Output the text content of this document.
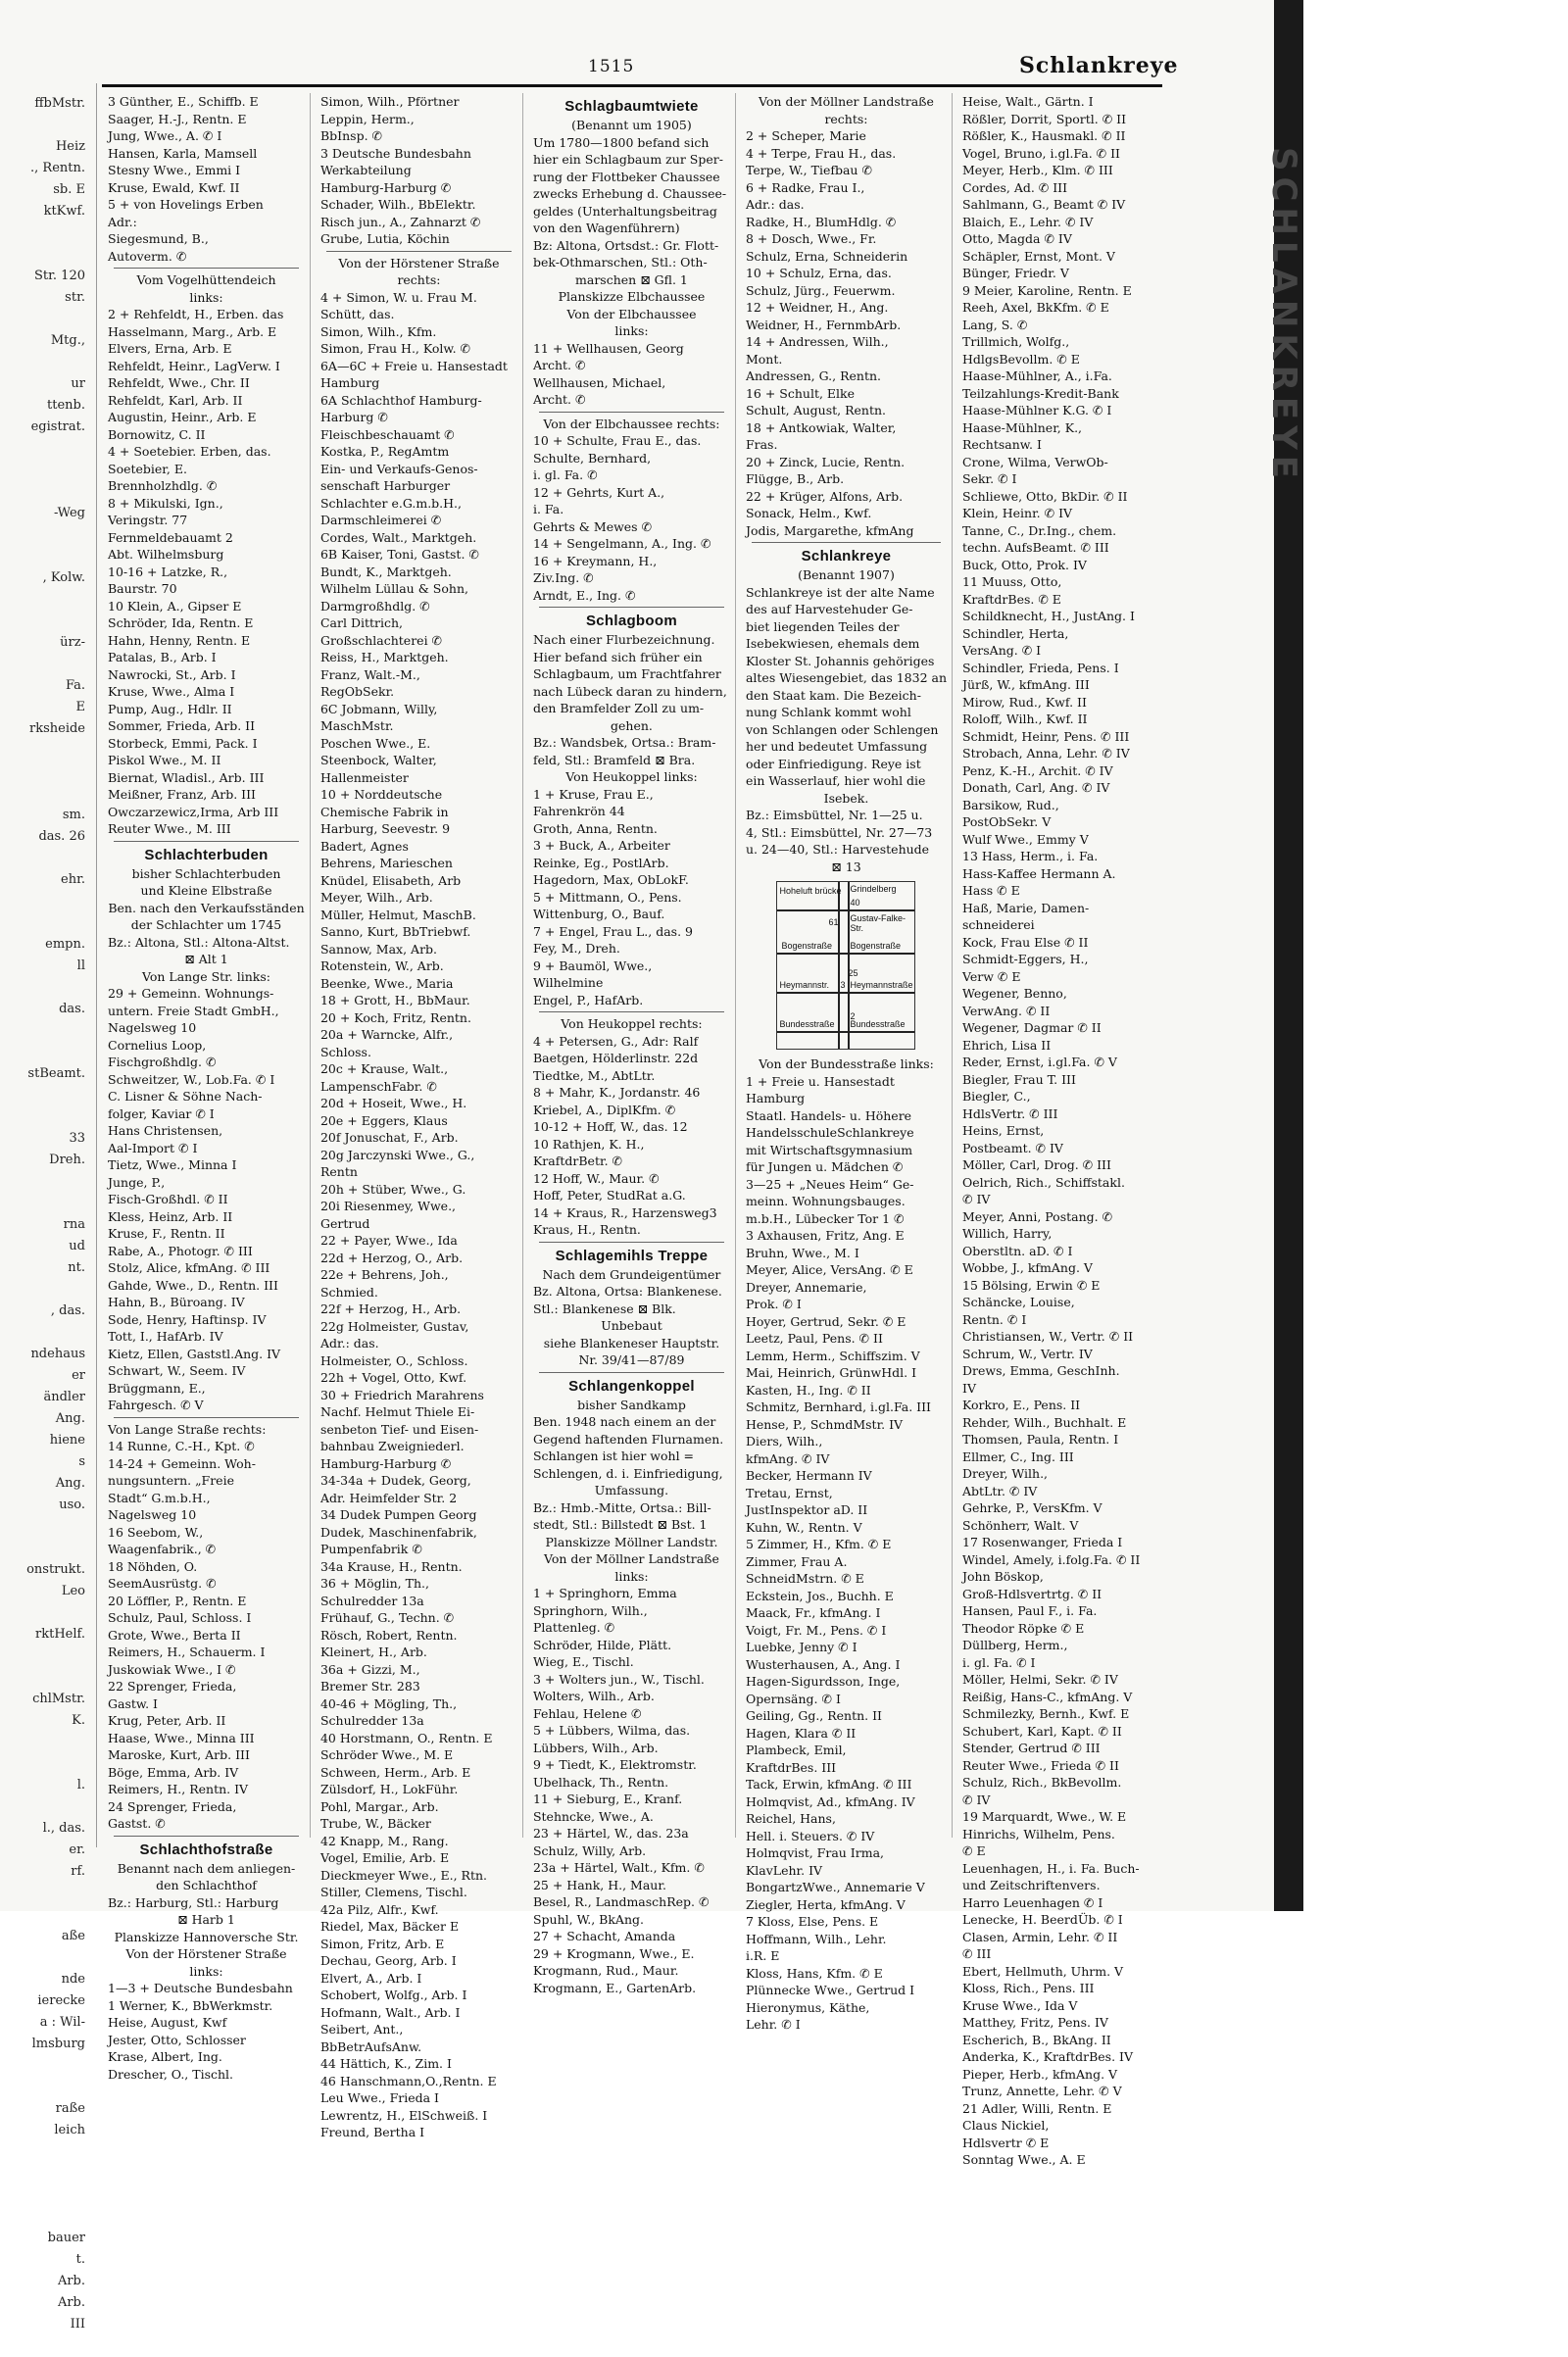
ffbMstr.

Heiz
., Rentn.
sb. E
ktKwf.

Str. 120
str.

Mtg.,

ur
ttenb.
egistrat.

-Weg

, Kolw.

ürz-

Fa.
E
rksheide

sm.
das. 26

ehr.

empn.
ll

das.

stBeamt.

33
Dreh.

rna
ud
nt.

, das.

ndehaus
er
ändler
Ang.
hiene
s
Ang.
uso.

onstrukt.
Leo

rktHelf.

chlMstr.
K.

l.

l., das.
er.
rf.

aße

nde
ierecke
a : Wil-
lmsburg

raße
leich

bauer
t.
Arb.
Arb.
III

1515	Schlankreye
3 Günther, E., Schiffb. E
Saager, H.-J., Rentn. E
Jung, Wwe., A. ✆ I
Hansen, Karla, Mamsell
Stesny Wwe., Emmi I
Kruse, Ewald, Kwf. II
5 + von Hovelings Erben
Adr.:
Siegesmund, B.,
Autoverm. ✆
Vom Vogelhüttendeich
links:
2 + Rehfeldt, H., Erben. das
Hasselmann, Marg., Arb. E
Elvers, Erna, Arb. E
Rehfeldt, Heinr., LagVerw. I
Rehfeldt, Wwe., Chr. II
Rehfeldt, Karl, Arb. II
Augustin, Heinr., Arb. E
Bornowitz, C. II
4 + Soetebier. Erben, das.
Soetebier, E.
Brennholzhdlg. ✆
8 + Mikulski, Ign.,
Veringstr. 77
Fernmeldebauamt 2
Abt. Wilhelmsburg
10-16 + Latzke, R.,
Baurstr. 70
10 Klein, A., Gipser E
Schröder, Ida, Rentn. E
Hahn, Henny, Rentn. E
Patalas, B., Arb. I
Nawrocki, St., Arb. I
Kruse, Wwe., Alma I
Pump, Aug., Hdlr. II
Sommer, Frieda, Arb. II
Storbeck, Emmi, Pack. I
Piskol Wwe., M. II
Biernat, Wladisl., Arb. III
Meißner, Franz, Arb. III
Owczarzewicz,Irma, Arb III
Reuter Wwe., M. III
Schlachterbuden
bisher Schlachterbuden
und Kleine Elbstraße
Ben. nach den Verkaufsständen
der Schlachter um 1745
Bz.: Altona, Stl.: Altona-Altst.
⊠ Alt 1
Von Lange Str. links:
29 + Gemeinn. Wohnungs-
untern. Freie Stadt GmbH.,
Nagelsweg 10
Cornelius Loop,
Fischgroßhdlg. ✆
Schweitzer, W., Lob.Fa. ✆ I
C. Lisner & Söhne Nach-
folger, Kaviar ✆ I
Hans Christensen,
Aal-Import ✆ I
Tietz, Wwe., Minna I
Junge, P.,
Fisch-Großhdl. ✆ II
Kless, Heinz, Arb. II
Kruse, F., Rentn. II
Rabe, A., Photogr. ✆ III
Stolz, Alice, kfmAng. ✆ III
Gahde, Wwe., D., Rentn. III
Hahn, B., Büroang. IV
Sode, Henry, Haftinsp. IV
Tott, I., HafArb. IV
Kietz, Ellen, Gaststl.Ang. IV
Schwart, W., Seem. IV
Brüggmann, E.,
Fahrgesch. ✆ V
Von Lange Straße rechts:
14 Runne, C.-H., Kpt. ✆
14-24 + Gemeinn. Woh-
nungsuntern. „Freie
Stadt“ G.m.b.H.,
Nagelsweg 10
16 Seebom, W.,
Waagenfabrik., ✆
18 Nöhden, O.
SeemAusrüstg. ✆
20 Löffler, P., Rentn. E
Schulz, Paul, Schloss. I
Grote, Wwe., Berta II
Reimers, H., Schauerm. I
Juskowiak Wwe., I ✆
22 Sprenger, Frieda,
Gastw. I
Krug, Peter, Arb. II
Haase, Wwe., Minna III
Maroske, Kurt, Arb. III
Böge, Emma, Arb. IV
Reimers, H., Rentn. IV
24 Sprenger, Frieda,
Gastst. ✆
Schlachthofstraße
Benannt nach dem anliegen-
den Schlachthof
Bz.: Harburg, Stl.: Harburg
⊠ Harb 1
Planskizze Hannoversche Str.
Von der Hörstener Straße
links:
1—3 + Deutsche Bundesbahn
1 Werner, K., BbWerkmstr.
Heise, August, Kwf
Jester, Otto, Schlosser
Krase, Albert, Ing.
Drescher, O., Tischl.
Simon, Wilh., Pförtner
Leppin, Herm.,
BbInsp. ✆
3 Deutsche Bundesbahn
Werkabteilung
Hamburg-Harburg ✆
Schader, Wilh., BbElektr.
Risch jun., A., Zahnarzt ✆
Grube, Lutia, Köchin
Von der Hörstener Straße
rechts:
4 + Simon, W. u. Frau M.
Schütt, das.
Simon, Wilh., Kfm.
Simon, Frau H., Kolw. ✆
6A—6C + Freie u. Hansestadt
Hamburg
6A Schlachthof Hamburg-
Harburg ✆
Fleischbeschauamt ✆
Kostka, P., RegAmtm
Ein- und Verkaufs-Genos-
senschaft Harburger
Schlachter e.G.m.b.H.,
Darmschleimerei ✆
Cordes, Walt., Marktgeh.
6B Kaiser, Toni, Gastst. ✆
Bundt, K., Marktgeh.
Wilhelm Lüllau & Sohn,
Darmgroßhdlg. ✆
Carl Dittrich,
Großschlachterei ✆
Reiss, H., Marktgeh.
Franz, Walt.-M.,
RegObSekr.
6C Jobmann, Willy,
MaschMstr.
Poschen Wwe., E.
Steenbock, Walter,
Hallenmeister
10 + Norddeutsche
Chemische Fabrik in
Harburg, Seevestr. 9
Badert, Agnes
Behrens, Marieschen
Knüdel, Elisabeth, Arb
Meyer, Wilh., Arb.
Müller, Helmut, MaschB.
Sanno, Kurt, BbTriebwf.
Sannow, Max, Arb.
Rotenstein, W., Arb.
Beenke, Wwe., Maria
18 + Grott, H., BbMaur.
20 + Koch, Fritz, Rentn.
20a + Warncke, Alfr.,
Schloss.
20c + Krause, Walt.,
LampenschFabr. ✆
20d + Hoseit, Wwe., H.
20e + Eggers, Klaus
20f Jonuschat, F., Arb.
20g Jarczynski Wwe., G.,
Rentn
20h + Stüber, Wwe., G.
20i Riesenmey, Wwe.,
Gertrud
22 + Payer, Wwe., Ida
22d + Herzog, O., Arb.
22e + Behrens, Joh.,
Schmied.
22f + Herzog, H., Arb.
22g Holmeister, Gustav,
Adr.: das.
Holmeister, O., Schloss.
22h + Vogel, Otto, Kwf.
30 + Friedrich Marahrens
Nachf. Helmut Thiele Ei-
senbeton Tief- und Eisen-
bahnbau Zweigniederl.
Hamburg-Harburg ✆
34-34a + Dudek, Georg,
Adr. Heimfelder Str. 2
34 Dudek Pumpen Georg
Dudek, Maschinenfabrik,
Pumpenfabrik ✆
34a Krause, H., Rentn.
36 + Möglin, Th.,
Schulredder 13a
Frühauf, G., Techn. ✆
Rösch, Robert, Rentn.
Kleinert, H., Arb.
36a + Gizzi, M.,
Bremer Str. 283
40-46 + Mögling, Th.,
Schulredder 13a
40 Horstmann, O., Rentn. E
Schröder Wwe., M. E
Schween, Herm., Arb. E
Zülsdorf, H., LokFühr.
Pohl, Margar., Arb.
Trube, W., Bäcker
42 Knapp, M., Rang.
Vogel, Emilie, Arb. E
Dieckmeyer Wwe., E., Rtn.
Stiller, Clemens, Tischl.
42a Pilz, Alfr., Kwf.
Riedel, Max, Bäcker E
Simon, Fritz, Arb. E
Dechau, Georg, Arb. I
Elvert, A., Arb. I
Schobert, Wolfg., Arb. I
Hofmann, Walt., Arb. I
Seibert, Ant.,
BbBetrAufsAnw.
44 Hättich, K., Zim. I
46 Hanschmann,O.,Rentn. E
Leu Wwe., Frieda I
Lewrentz, H., ElSchweiß. I
Freund, Bertha I
Schlagbaumtwiete
(Benannt um 1905)
Um 1780—1800 befand sich
hier ein Schlagbaum zur Sper-
rung der Flottbeker Chaussee
zwecks Erhebung d. Chaussee-
geldes (Unterhaltungsbeitrag
von den Wagenführern)
Bz: Altona, Ortsdst.: Gr. Flott-
bek-Othmarschen, Stl.: Oth-
marschen ⊠ Gfl. 1
Planskizze Elbchaussee
Von der Elbchaussee
links:
11 + Wellhausen, Georg
Archt. ✆
Wellhausen, Michael,
Archt. ✆
Von der Elbchaussee rechts:
10 + Schulte, Frau E., das.
Schulte, Bernhard,
i. gl. Fa. ✆
12 + Gehrts, Kurt A.,
i. Fa.
Gehrts & Mewes ✆
14 + Sengelmann, A., Ing. ✆
16 + Kreymann, H.,
Ziv.Ing. ✆
Arndt, E., Ing. ✆
Schlagboom
Nach einer Flurbezeichnung.
Hier befand sich früher ein
Schlagbaum, um Frachtfahrer
nach Lübeck daran zu hindern,
den Bramfelder Zoll zu um-
gehen.
Bz.: Wandsbek, Ortsa.: Bram-
feld, Stl.: Bramfeld ⊠ Bra.
Von Heukoppel links:
1 + Kruse, Frau E.,
Fahrenkrön 44
Groth, Anna, Rentn.
3 + Buck, A., Arbeiter
Reinke, Eg., PostlArb.
Hagedorn, Max, ObLokF.
5 + Mittmann, O., Pens.
Wittenburg, O., Bauf.
7 + Engel, Frau L., das. 9
Fey, M., Dreh.
9 + Baumöl, Wwe.,
Wilhelmine
Engel, P., HafArb.
Von Heukoppel rechts:
4 + Petersen, G., Adr: Ralf
Baetgen, Hölderlinstr. 22d
Tiedtke, M., AbtLtr.
8 + Mahr, K., Jordanstr. 46
Kriebel, A., DiplKfm. ✆
10-12 + Hoff, W., das. 12
10 Rathjen, K. H.,
KraftdrBetr. ✆
12 Hoff, W., Maur. ✆
Hoff, Peter, StudRat a.G.
14 + Kraus, R., Harzensweg3
Kraus, H., Rentn.
Schlagemihls Treppe
Nach dem Grundeigentümer
Bz. Altona, Ortsa: Blankenese.
Stl.: Blankenese ⊠ Blk.
Unbebaut
siehe Blankeneser Hauptstr.
Nr. 39/41—87/89
Schlangenkoppel
bisher Sandkamp
Ben. 1948 nach einem an der
Gegend haftenden Flurnamen.
Schlangen ist hier wohl =
Schlengen, d. i. Einfriedigung,
Umfassung.
Bz.: Hmb.-Mitte, Ortsa.: Bill-
stedt, Stl.: Billstedt ⊠ Bst. 1
Planskizze Möllner Landstr.
Von der Möllner Landstraße
links:
1 + Springhorn, Emma
Springhorn, Wilh.,
Plattenleg. ✆
Schröder, Hilde, Plätt.
Wieg, E., Tischl.
3 + Wolters jun., W., Tischl.
Wolters, Wilh., Arb.
Fehlau, Helene ✆
5 + Lübbers, Wilma, das.
Lübbers, Wilh., Arb.
9 + Tiedt, K., Elektromstr.
Ubelhack, Th., Rentn.
11 + Sieburg, E., Kranf.
Stehncke, Wwe., A.
23 + Härtel, W., das. 23a
Schulz, Willy, Arb.
23a + Härtel, Walt., Kfm. ✆
25 + Hank, H., Maur.
Besel, R., LandmaschRep. ✆
Spuhl, W., BkAng.
27 + Schacht, Amanda
29 + Krogmann, Wwe., E.
Krogmann, Rud., Maur.
Krogmann, E., GartenArb.
Von der Möllner Landstraße
rechts:
2 + Scheper, Marie
4 + Terpe, Frau H., das.
Terpe, W., Tiefbau ✆
6 + Radke, Frau I.,
Adr.: das.
Radke, H., BlumHdlg. ✆
8 + Dosch, Wwe., Fr.
Schulz, Erna, Schneiderin
10 + Schulz, Erna, das.
Schulz, Jürg., Feuerwm.
12 + Weidner, H., Ang.
Weidner, H., FernmbArb.
14 + Andressen, Wilh.,
Mont.
Andressen, G., Rentn.
16 + Schult, Elke
Schult, August, Rentn.
18 + Antkowiak, Walter,
Fras.
20 + Zinck, Lucie, Rentn.
Flügge, B., Arb.
22 + Krüger, Alfons, Arb.
Sonack, Helm., Kwf.
Jodis, Margarethe, kfmAng
Schlankreye
(Benannt 1907)
Schlankreye ist der alte Name
des auf Harvestehuder Ge-
biet liegenden Teiles der
Isebekwiesen, ehemals dem
Kloster St. Johannis gehöriges
altes Wiesengebiet, das 1832 an
den Staat kam. Die Bezeich-
nung Schlank kommt wohl
von Schlangen oder Schlengen
her und bedeutet Umfassung
oder Einfriedigung. Reye ist
ein Wasserlauf, hier wohl die
Isebek.
Bz.: Eimsbüttel, Nr. 1—25 u.
4, Stl.: Eimsbüttel, Nr. 27—73
u. 24—40, Stl.: Harvestehude
⊠ 13
Hoheluft brücke Grindelberg
40
61 Gustav-Falke-Str.
Bogenstraße Bogenstraße
25
Heymannstr. 3 Heymannstraße
2
Bundesstraße Bundesstraße
Von der Bundesstraße links:
1 + Freie u. Hansestadt
Hamburg
Staatl. Handels- u. Höhere
HandelsschuleSchlankreye
mit Wirtschaftsgymnasium
für Jungen u. Mädchen ✆
3—25 + „Neues Heim“ Ge-
meinn. Wohnungsbauges.
m.b.H., Lübecker Tor 1 ✆
3 Axhausen, Fritz, Ang. E
Bruhn, Wwe., M. I
Meyer, Alice, VersAng. ✆ E
Dreyer, Annemarie,
Prok. ✆ I
Hoyer, Gertrud, Sekr. ✆ E
Leetz, Paul, Pens. ✆ II
Lemm, Herm., Schiffszim. V
Mai, Heinrich, GrünwHdl. I
Kasten, H., Ing. ✆ II
Schmitz, Bernhard, i.gl.Fa. III
Hense, P., SchmdMstr. IV
Diers, Wilh.,
kfmAng. ✆ IV
Becker, Hermann IV
Tretau, Ernst,
JustInspektor aD. II
Kuhn, W., Rentn. V
5 Zimmer, H., Kfm. ✆ E
Zimmer, Frau A.
SchneidMstrn. ✆ E
Eckstein, Jos., Buchh. E
Maack, Fr., kfmAng. I
Voigt, Fr. M., Pens. ✆ I
Luebke, Jenny ✆ I
Wusterhausen, A., Ang. I
Hagen-Sigurdsson, Inge,
Opernsäng. ✆ I
Geiling, Gg., Rentn. II
Hagen, Klara ✆ II
Plambeck, Emil,
KraftdrBes. III
Tack, Erwin, kfmAng. ✆ III
Holmqvist, Ad., kfmAng. IV
Reichel, Hans,
Hell. i. Steuers. ✆ IV
Holmqvist, Frau Irma,
KlavLehr. IV
BongartzWwe., Annemarie V
Ziegler, Herta, kfmAng. V
7 Kloss, Else, Pens. E
Hoffmann, Wilh., Lehr.
i.R. E
Kloss, Hans, Kfm. ✆ E
Plünnecke Wwe., Gertrud I
Hieronymus, Käthe,
Lehr. ✆ I
Heise, Walt., Gärtn. I
Rößler, Dorrit, Sportl. ✆ II
Rößler, K., Hausmakl. ✆ II
Vogel, Bruno, i.gl.Fa. ✆ II
Meyer, Herb., Klm. ✆ III
Cordes, Ad. ✆ III
Sahlmann, G., Beamt ✆ IV
Blaich, E., Lehr. ✆ IV
Otto, Magda ✆ IV
Schäpler, Ernst, Mont. V
Bünger, Friedr. V
9 Meier, Karoline, Rentn. E
Reeh, Axel, BkKfm. ✆ E
Lang, S. ✆
Trillmich, Wolfg.,
HdlgsBevollm. ✆ E
Haase-Mühlner, A., i.Fa.
Teilzahlungs-Kredit-Bank
Haase-Mühlner K.G. ✆ I
Haase-Mühlner, K.,
Rechtsanw. I
Crone, Wilma, VerwOb-
Sekr. ✆ I
Schliewe, Otto, BkDir. ✆ II
Klein, Heinr. ✆ IV
Tanne, C., Dr.Ing., chem.
techn. AufsBeamt. ✆ III
Buck, Otto, Prok. IV
11 Muuss, Otto,
KraftdrBes. ✆ E
Schildknecht, H., JustAng. I
Schindler, Herta,
VersAng. ✆ I
Schindler, Frieda, Pens. I
Jürß, W., kfmAng. III
Mirow, Rud., Kwf. II
Roloff, Wilh., Kwf. II
Schmidt, Heinr, Pens. ✆ III
Strobach, Anna, Lehr. ✆ IV
Penz, K.-H., Archit. ✆ IV
Donath, Carl, Ang. ✆ IV
Barsikow, Rud.,
PostObSekr. V
Wulf Wwe., Emmy V
13 Hass, Herm., i. Fa.
Hass-Kaffee Hermann A.
Hass ✆ E
Haß, Marie, Damen-
schneiderei
Kock, Frau Else ✆ II
Schmidt-Eggers, H.,
Verw ✆ E
Wegener, Benno,
VerwAng. ✆ II
Wegener, Dagmar ✆ II
Ehrich, Lisa II
Reder, Ernst, i.gl.Fa. ✆ V
Biegler, Frau T. III
Biegler, C.,
HdlsVertr. ✆ III
Heins, Ernst,
Postbeamt. ✆ IV
Möller, Carl, Drog. ✆ III
Oelrich, Rich., Schiffstakl.
✆ IV
Meyer, Anni, Postang. ✆
Willich, Harry,
Oberstltn. aD. ✆ I
Wobbe, J., kfmAng. V
15 Bölsing, Erwin ✆ E
Schäncke, Louise,
Rentn. ✆ I
Christiansen, W., Vertr. ✆ II
Schrum, W., Vertr. IV
Drews, Emma, GeschInh.
IV
Korkro, E., Pens. II
Rehder, Wilh., Buchhalt. E
Thomsen, Paula, Rentn. I
Ellmer, C., Ing. III
Dreyer, Wilh.,
AbtLtr. ✆ IV
Gehrke, P., VersKfm. V
Schönherr, Walt. V
17 Rosenwanger, Frieda I
Windel, Amely, i.folg.Fa. ✆ II
John Böskop,
Groß-Hdlsvertrtg. ✆ II
Hansen, Paul F., i. Fa.
Theodor Röpke ✆ E
Düllberg, Herm.,
i. gl. Fa. ✆ I
Möller, Helmi, Sekr. ✆ IV
Reißig, Hans-C., kfmAng. V
Schmilezky, Bernh., Kwf. E
Schubert, Karl, Kapt. ✆ II
Stender, Gertrud ✆ III
Reuter Wwe., Frieda ✆ II
Schulz, Rich., BkBevollm.
✆ IV
19 Marquardt, Wwe., W. E
Hinrichs, Wilhelm, Pens.
✆ E
Leuenhagen, H., i. Fa. Buch-
und Zeitschriftenvers.
Harro Leuenhagen ✆ I
Lenecke, H. BeerdÜb. ✆ I
Clasen, Armin, Lehr. ✆ II
✆ III
Ebert, Hellmuth, Uhrm. V
Kloss, Rich., Pens. III
Kruse Wwe., Ida V
Matthey, Fritz, Pens. IV
Escherich, B., BkAng. II
Anderka, K., KraftdrBes. IV
Pieper, Herb., kfmAng. V
Trunz, Annette, Lehr. ✆ V
21 Adler, Willi, Rentn. E
Claus Nickiel,
Hdlsvertr ✆ E
Sonntag Wwe., A. E
SCHLANKREYE
